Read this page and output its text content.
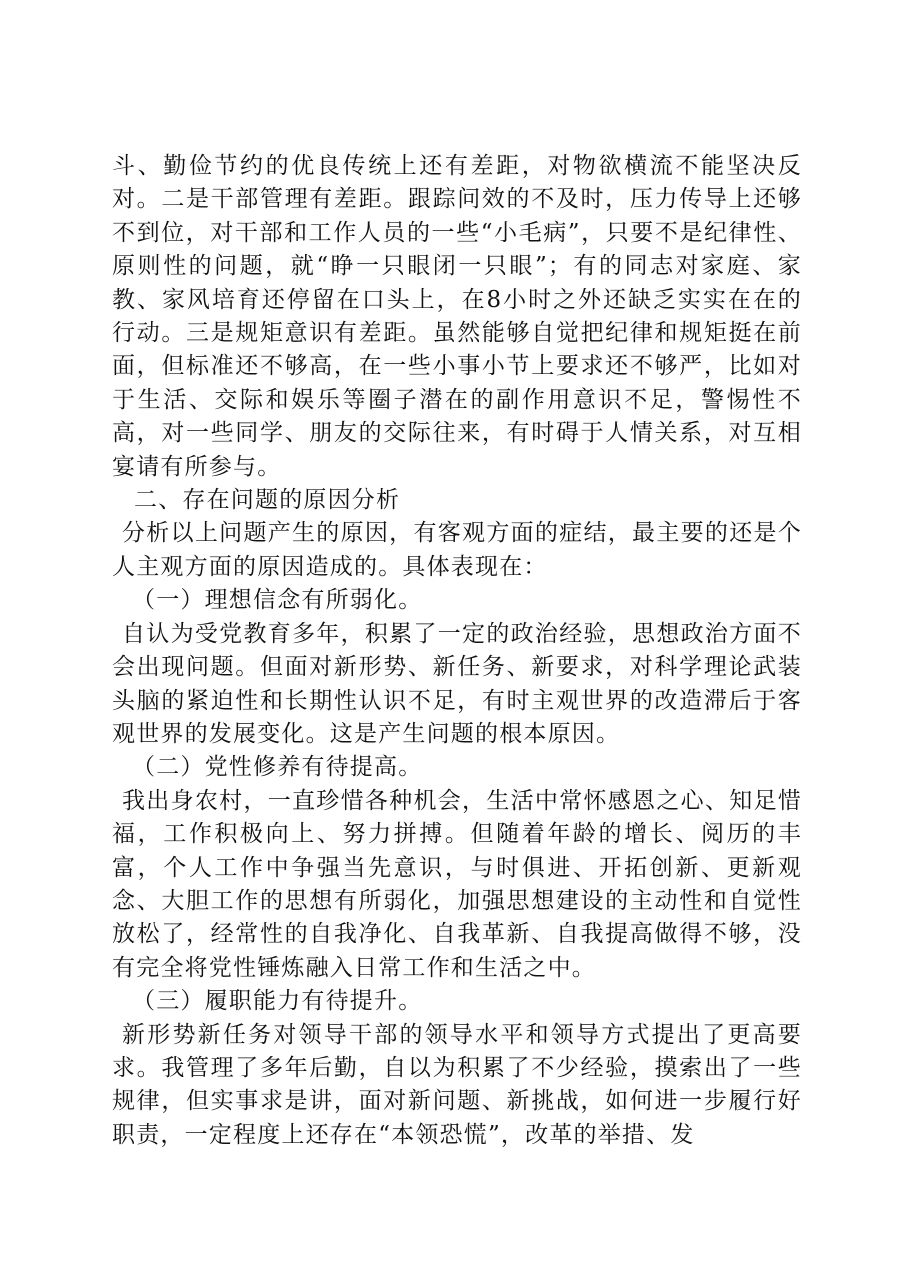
斗、勤俭节约的优良传统上还有差距，对物欲横流不能坚决反对。二是干部管理有差距。跟踪问效的不及时，压力传导上还够不到位，对干部和工作人员的一些“小毛病”，只要不是纪律性、原则性的问题，就“睁一只眼闭一只眼”；有的同志对家庭、家教、家风培育还停留在口头上，在8小时之外还缺乏实实在在的行动。三是规矩意识有差距。虽然能够自觉把纪律和规矩挺在前面，但标准还不够高，在一些小事小节上要求还不够严，比如对于生活、交际和娱乐等圈子潜在的副作用意识不足，警惕性不高，对一些同学、朋友的交际往来，有时碍于人情关系，对互相宴请有所参与。

二、存在问题的原因分析

分析以上问题产生的原因，有客观方面的症结，最主要的还是个人主观方面的原因造成的。具体表现在：

（一）理想信念有所弱化。

自认为受党教育多年，积累了一定的政治经验，思想政治方面不会出现问题。但面对新形势、新任务、新要求，对科学理论武装头脑的紧迫性和长期性认识不足，有时主观世界的改造滞后于客观世界的发展变化。这是产生问题的根本原因。

（二）党性修养有待提高。

我出身农村，一直珍惜各种机会，生活中常怀感恩之心、知足惜福，工作积极向上、努力拼搏。但随着年龄的增长、阅历的丰富，个人工作中争强当先意识，与时俱进、开拓创新、更新观念、大胆工作的思想有所弱化，加强思想建设的主动性和自觉性放松了，经常性的自我净化、自我革新、自我提高做得不够，没有完全将党性锤炼融入日常工作和生活之中。

（三）履职能力有待提升。

新形势新任务对领导干部的领导水平和领导方式提出了更高要求。我管理了多年后勤，自以为积累了不少经验，摸索出了一些规律，但实事求是讲，面对新问题、新挑战，如何进一步履行好职责，一定程度上还存在“本领恐慌”，改革的举措、发
